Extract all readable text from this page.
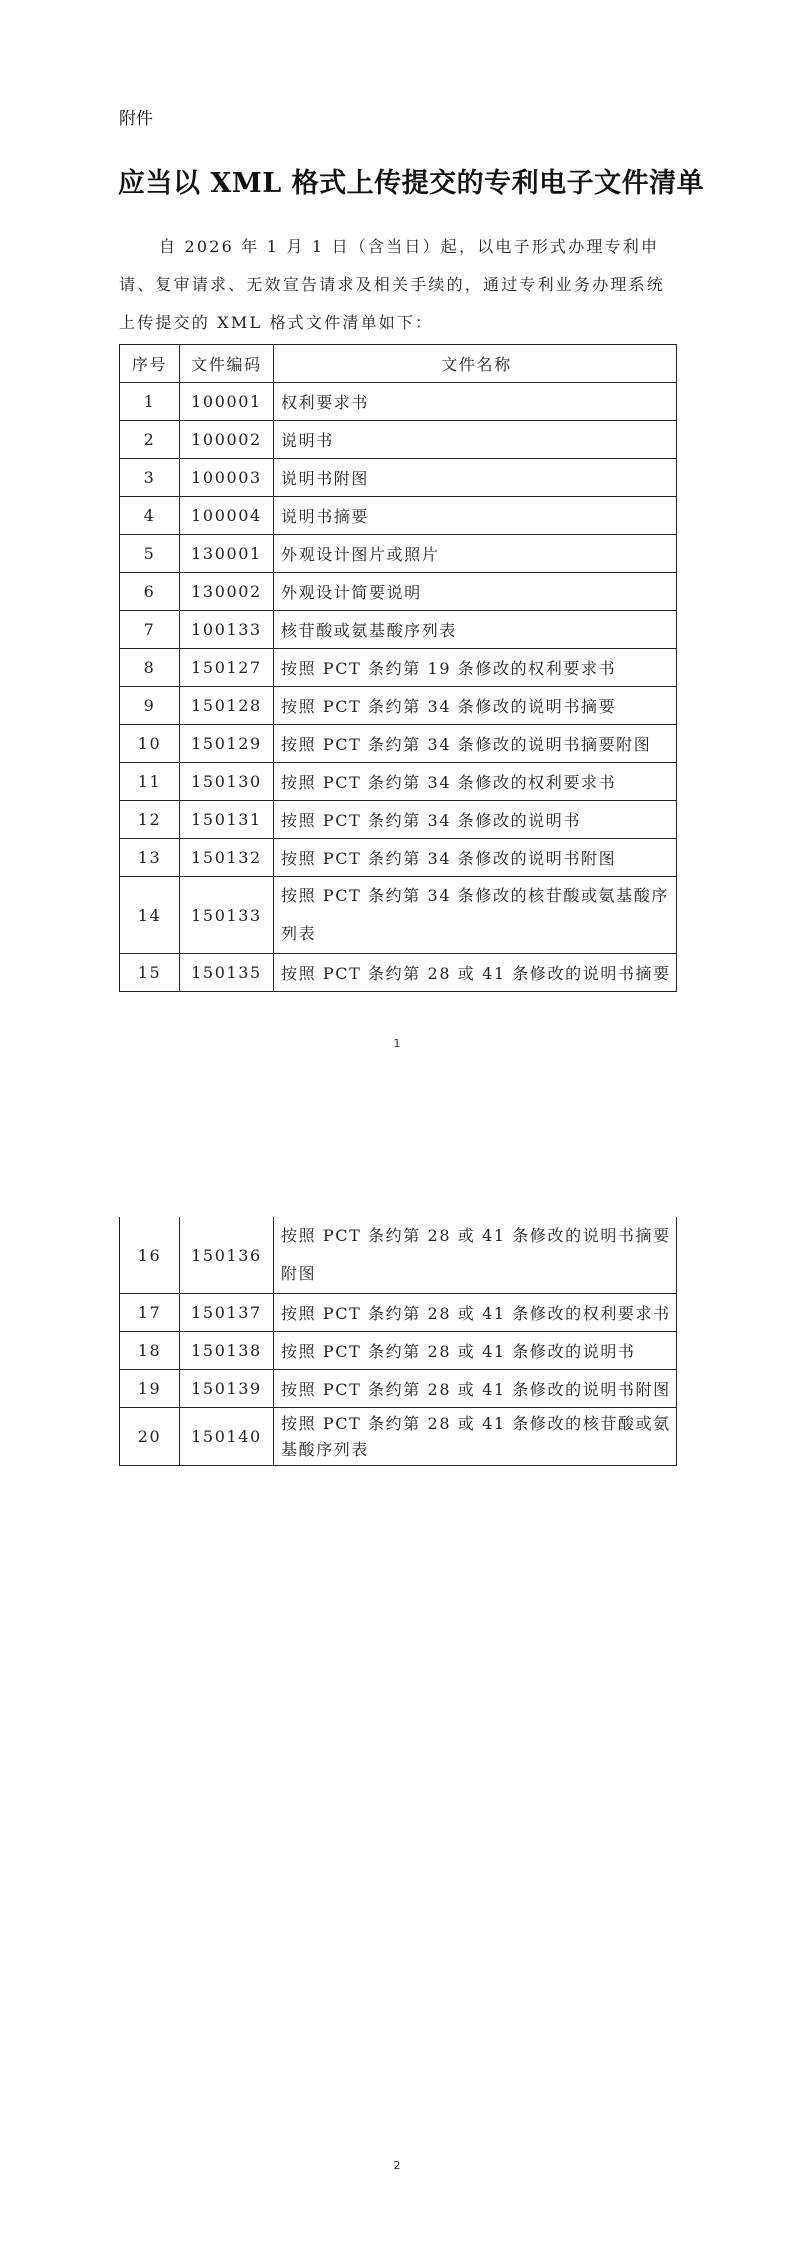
附件
应当以 XML 格式上传提交的专利电子文件清单

自 2026 年 1 月 1 日（含当日）起，以电子形式办理专利申请、复审请求、无效宣告请求及相关手续的，通过专利业务办理系统上传提交的 XML 格式文件清单如下：

序号	文件编码	文件名称
1	100001	权利要求书
2	100002	说明书
3	100003	说明书附图
4	100004	说明书摘要
5	130001	外观设计图片或照片
6	130002	外观设计简要说明
7	100133	核苷酸或氨基酸序列表
8	150127	按照 PCT 条约第 19 条修改的权利要求书
9	150128	按照 PCT 条约第 34 条修改的说明书摘要
10	150129	按照 PCT 条约第 34 条修改的说明书摘要附图
11	150130	按照 PCT 条约第 34 条修改的权利要求书
12	150131	按照 PCT 条约第 34 条修改的说明书
13	150132	按照 PCT 条约第 34 条修改的说明书附图
14	150133	按照 PCT 条约第 34 条修改的核苷酸或氨基酸序列表
15	150135	按照 PCT 条约第 28 或 41 条修改的说明书摘要
1
16	150136	按照 PCT 条约第 28 或 41 条修改的说明书摘要附图
17	150137	按照 PCT 条约第 28 或 41 条修改的权利要求书
18	150138	按照 PCT 条约第 28 或 41 条修改的说明书
19	150139	按照 PCT 条约第 28 或 41 条修改的说明书附图
20	150140	按照 PCT 条约第 28 或 41 条修改的核苷酸或氨基酸序列表
2
